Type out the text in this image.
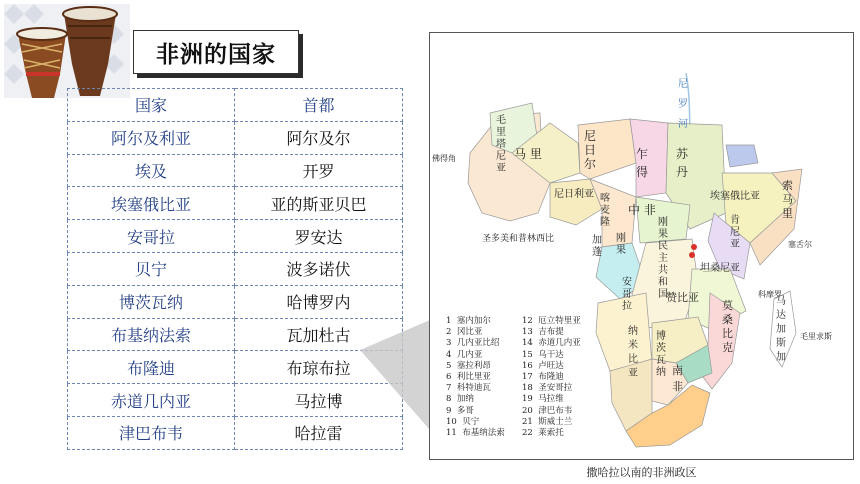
非洲的国家
国家	首都
阿尔及利亚	阿尔及尔
埃及	开罗
埃塞俄比亚	亚的斯亚贝巴
安哥拉	罗安达
贝宁	波多诺伏
博茨瓦纳	哈博罗内
布基纳法索	瓦加杜古
布隆迪	布琼布拉
赤道几内亚	马拉博
津巴布韦	哈拉雷
毛里塔尼亚
马 里
尼日尔
乍 得
苏 丹
尼日利亚 喀麦隆
中 非
埃塞俄比亚
索马里
肯尼亚
刚果民主共和国
刚果
加蓬
坦桑尼亚
安哥拉
赞比亚
莫桑比克
纳米比亚
博茨瓦纳 南 非
马达加斯加
尼 罗 河
佛得角
圣多美和普林西比
塞舌尔
科摩罗
毛里求斯
1 塞内加尔
2 冈比亚
3 几内亚比绍
4 几内亚
5 塞拉利昂
6 利比里亚
7 科特迪瓦
8 加纳
9 多哥
10 贝宁
11 布基纳法索
12 厄立特里亚
13 吉布提
14 赤道几内亚
15 乌干达
16 卢旺达
17 布隆迪
18 圣安哥拉
19 马拉维
20 津巴布韦
21 斯威士兰
22 莱索托
撒哈拉以南的非洲政区
